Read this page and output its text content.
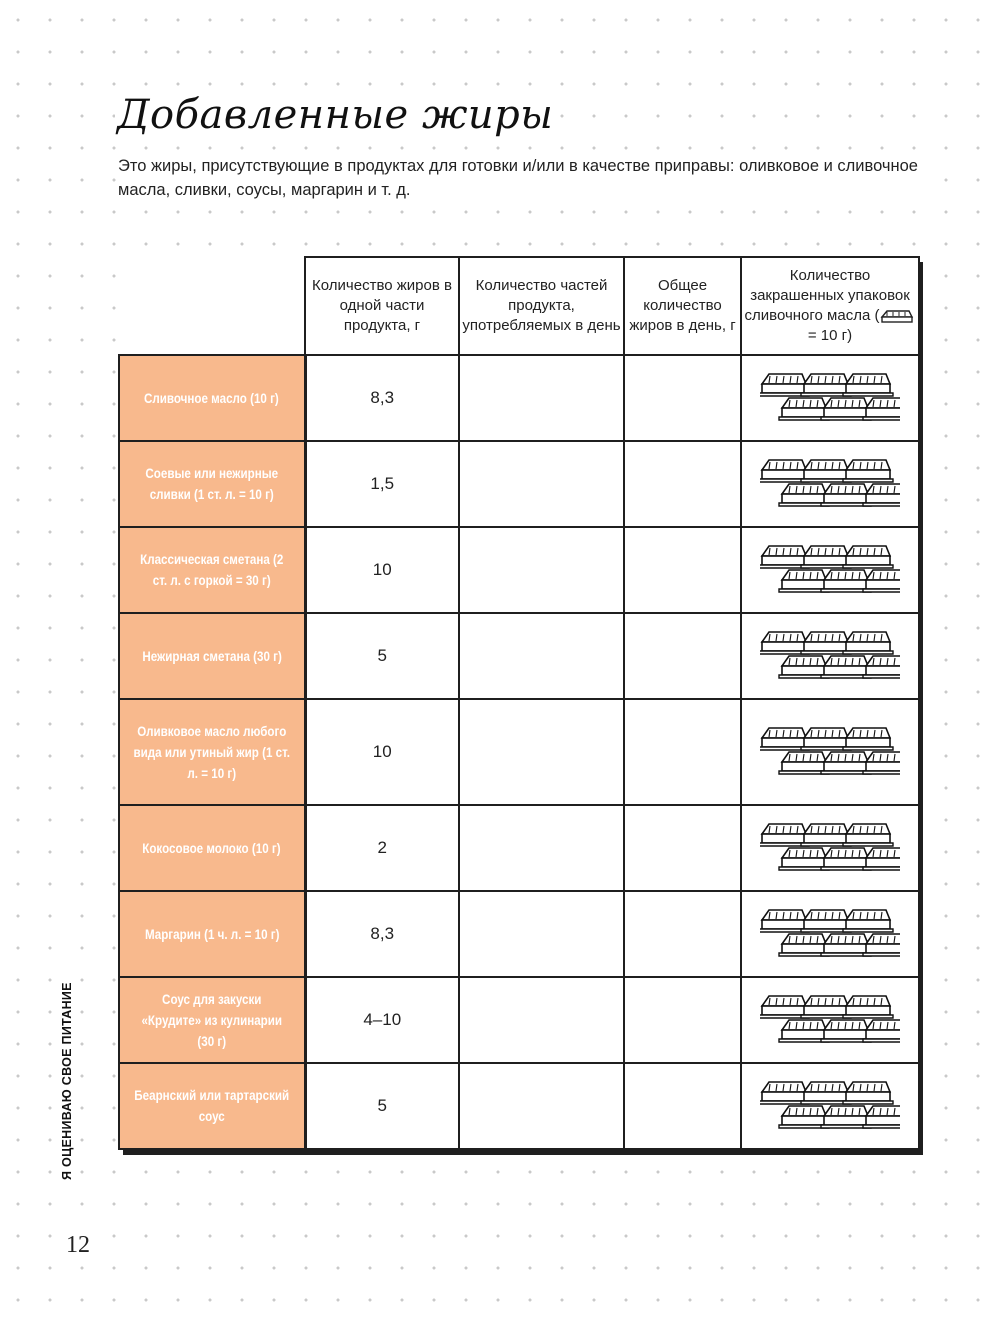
Добавленные жиры

Это жиры, присутствующие в продуктах для готовки и/или в качестве приправы: оливковое и сливочное масла, сливки, соусы, маргарин и т. д.

	Количество жиров в одной части продукта, г	Количество частей продукта, употребляемых в день	Общее количество жиров в день, г	Количество закрашенных упаковок сливочного масла ( = 10 г)
Сливочное масло (10 г)	8,3			

Соевые или нежирные сливки (1 ст. л. = 10 г)	1,5			

Классическая сметана (2 ст. л. с горкой = 30 г)	10			

Нежирная сметана (30 г)	5			

Оливковое масло любого вида или утиный жир (1 ст. л. = 10 г)	10			

Кокосовое молоко (10 г)	2			

Маргарин (1 ч. л. = 10 г)	8,3			

Соус для закуски «Крудите» из кулинарии (30 г)	4–10			

Беарнский или тартарский соус	5			
Я ОЦЕНИВАЮ СВОЕ ПИТАНИЕ
12
